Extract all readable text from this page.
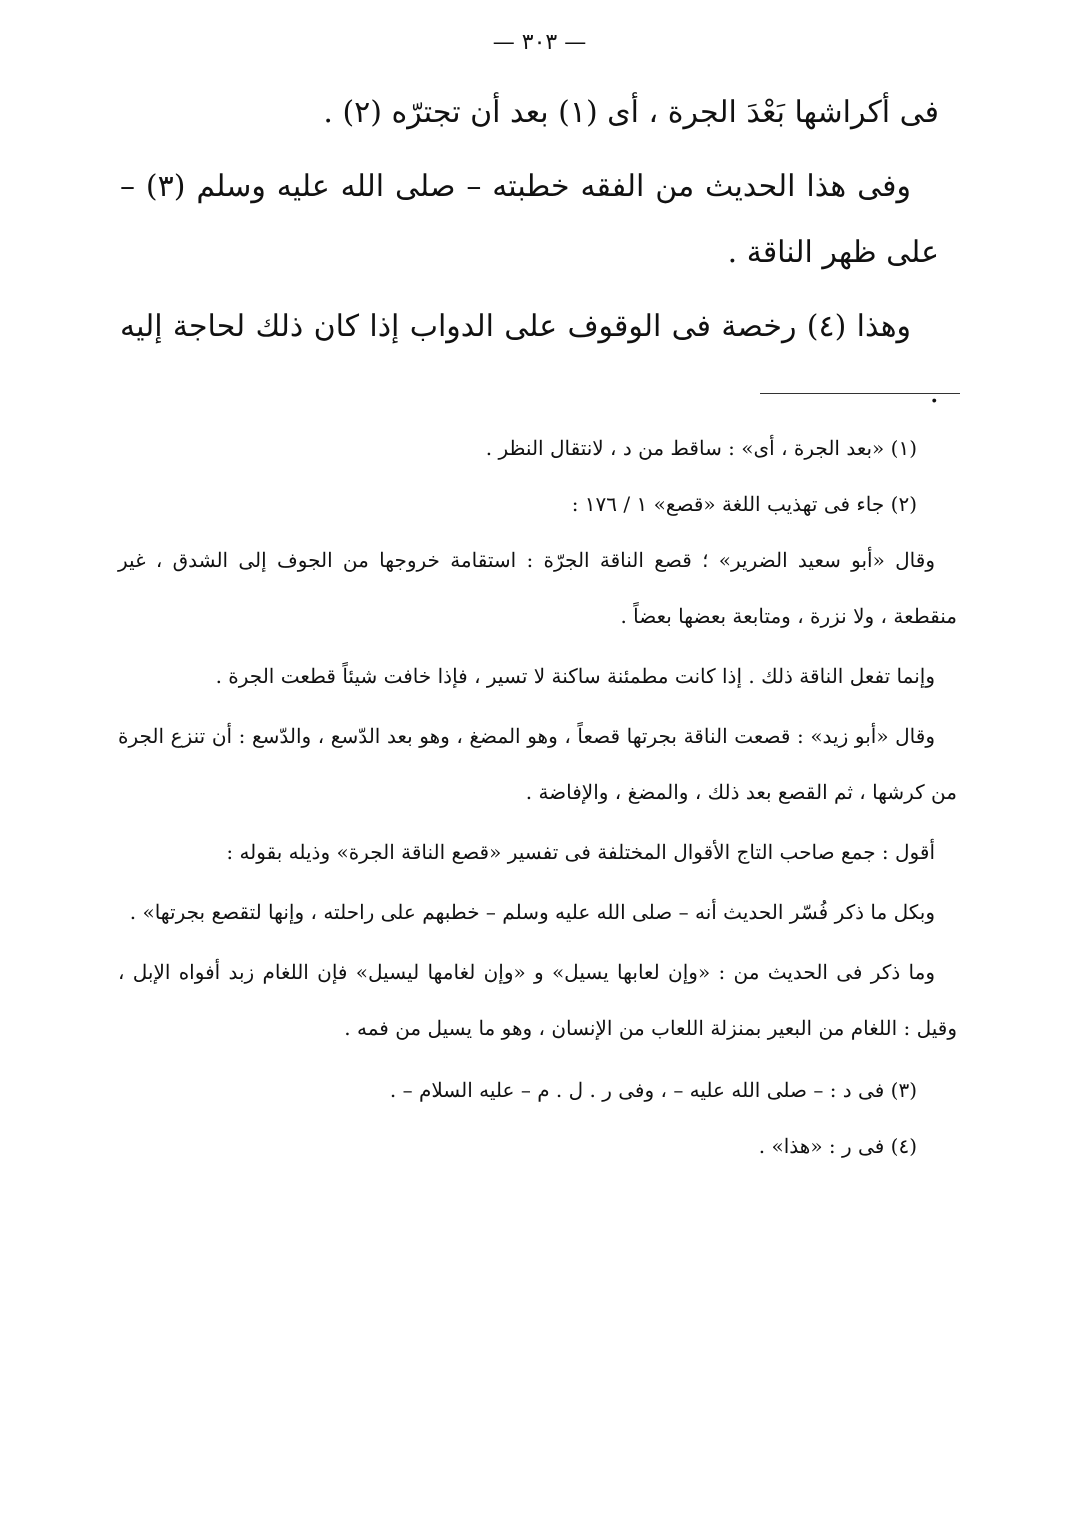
— ٣٠٣ —

فى أكراشها بَعْدَ الجرة ، أى (١) بعد أن تجترّه (٢) .

وفى هذا الحديث من الفقه خطبته – صلى الله عليه وسلم (٣) – على ظهر الناقة .

وهذا (٤) رخصة فى الوقوف على الدواب إذا كان ذلك لحاجة إليه .

(١) «بعد الجرة ، أى» : ساقط من د ، لانتقال النظر .

(٢) جاء فى تهذيب اللغة «قصع» ١ / ١٧٦ :

وقال «أبو سعيد الضرير» ؛ قصع الناقة الجرّة : استقامة خروجها من الجوف إلى الشدق ، غير منقطعة ، ولا نزرة ، ومتابعة بعضها بعضاً .

وإنما تفعل الناقة ذلك . إذا كانت مطمئنة ساكنة لا تسير ، فإذا خافت شيئاً قطعت الجرة .

وقال «أبو زيد» : قصعت الناقة بجرتها قصعاً ، وهو المضغ ، وهو بعد الدّسع ، والدّسع : أن تنزع الجرة من كرشها ، ثم القصع بعد ذلك ، والمضغ ، والإفاضة .

أقول : جمع صاحب التاج الأقوال المختلفة فى تفسير «قصع الناقة الجرة» وذيله بقوله :

وبكل ما ذكر فُسّر الحديث أنه – صلى الله عليه وسلم – خطبهم على راحلته ، وإنها لتقصع بجرتها» .

وما ذكر فى الحديث من : «وإن لعابها يسيل» و «وإن لغامها ليسيل» فإن اللغام زبد أفواه الإبل ، وقيل : اللغام من البعير بمنزلة اللعاب من الإنسان ، وهو ما يسيل من فمه .

(٣) فى د : – صلى الله عليه – ، وفى ر . ل . م – عليه السلام – .

(٤) فى ر : «هذا» .
